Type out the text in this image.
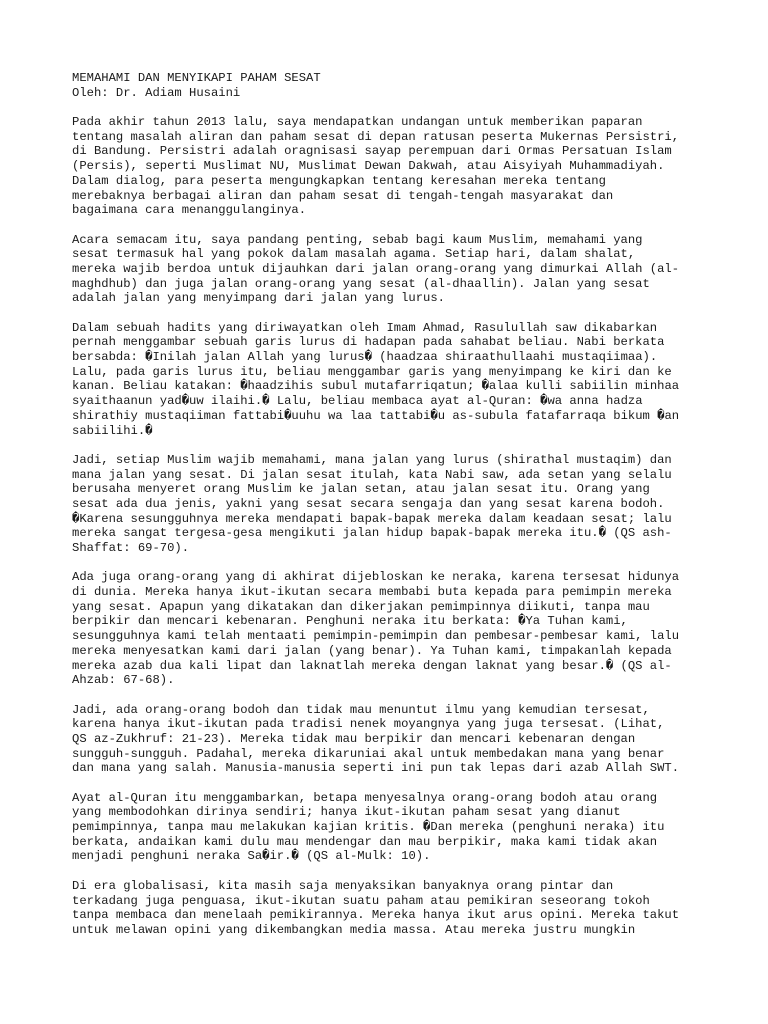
MEMAHAMI DAN MENYIKAPI PAHAM SESAT
Oleh: Dr. Adiam Husaini
Pada akhir tahun 2013 lalu, saya mendapatkan undangan untuk memberikan paparan
tentang masalah aliran dan paham sesat di depan ratusan peserta Mukernas Persistri,
di Bandung. Persistri adalah oragnisasi sayap perempuan dari Ormas Persatuan Islam
(Persis), seperti Muslimat NU, Muslimat Dewan Dakwah, atau Aisyiyah Muhammadiyah.
Dalam dialog, para peserta mengungkapkan tentang keresahan mereka tentang
merebaknya berbagai aliran dan paham sesat di tengah-tengah masyarakat dan
bagaimana cara menanggulanginya.
Acara semacam itu, saya pandang penting, sebab bagi kaum Muslim, memahami yang
sesat termasuk hal yang pokok dalam masalah agama. Setiap hari, dalam shalat,
mereka wajib berdoa untuk dijauhkan dari jalan orang-orang yang dimurkai Allah (al-
maghdhub) dan juga jalan orang-orang yang sesat (al-dhaallin). Jalan yang sesat
adalah jalan yang menyimpang dari jalan yang lurus.
Dalam sebuah hadits yang diriwayatkan oleh Imam Ahmad, Rasulullah saw dikabarkan
pernah menggambar sebuah garis lurus di hadapan pada sahabat beliau. Nabi berkata
bersabda: �Inilah jalan Allah yang lurus� (haadzaa shiraathullaahi mustaqiimaa).
Lalu, pada garis lurus itu, beliau menggambar garis yang menyimpang ke kiri dan ke
kanan. Beliau katakan: �haadzihis subul mutafarriqatun; �alaa kulli sabiilin minhaa
syaithaanun yad�uw ilaihi.� Lalu, beliau membaca ayat al-Quran: �wa anna hadza
shirathiy mustaqiiman fattabi�uuhu wa laa tattabi�u as-subula fatafarraqa bikum �an
sabiilihi.�
Jadi, setiap Muslim wajib memahami, mana jalan yang lurus (shirathal mustaqim) dan
mana jalan yang sesat. Di jalan sesat itulah, kata Nabi saw, ada setan yang selalu
berusaha menyeret orang Muslim ke jalan setan, atau jalan sesat itu. Orang yang
sesat ada dua jenis, yakni yang sesat secara sengaja dan yang sesat karena bodoh.
�Karena sesungguhnya mereka mendapati bapak-bapak mereka dalam keadaan sesat; lalu
mereka sangat tergesa-gesa mengikuti jalan hidup bapak-bapak mereka itu.� (QS ash-
Shaffat: 69-70).
Ada juga orang-orang yang di akhirat dijebloskan ke neraka, karena tersesat hidunya
di dunia. Mereka hanya ikut-ikutan secara membabi buta kepada para pemimpin mereka
yang sesat. Apapun yang dikatakan dan dikerjakan pemimpinnya diikuti, tanpa mau
berpikir dan mencari kebenaran. Penghuni neraka itu berkata: �Ya Tuhan kami,
sesungguhnya kami telah mentaati pemimpin-pemimpin dan pembesar-pembesar kami, lalu
mereka menyesatkan kami dari jalan (yang benar). Ya Tuhan kami, timpakanlah kepada
mereka azab dua kali lipat dan laknatlah mereka dengan laknat yang besar.� (QS al-
Ahzab: 67-68).
Jadi, ada orang-orang bodoh dan tidak mau menuntut ilmu yang kemudian tersesat,
karena hanya ikut-ikutan pada tradisi nenek moyangnya yang juga tersesat. (Lihat,
QS az-Zukhruf: 21-23). Mereka tidak mau berpikir dan mencari kebenaran dengan
sungguh-sungguh. Padahal, mereka dikaruniai akal untuk membedakan mana yang benar
dan mana yang salah. Manusia-manusia seperti ini pun tak lepas dari azab Allah SWT.
Ayat al-Quran itu menggambarkan, betapa menyesalnya orang-orang bodoh atau orang
yang membodohkan dirinya sendiri; hanya ikut-ikutan paham sesat yang dianut
pemimpinnya, tanpa mau melakukan kajian kritis. �Dan mereka (penghuni neraka) itu
berkata, andaikan kami dulu mau mendengar dan mau berpikir, maka kami tidak akan
menjadi penghuni neraka Sa�ir.� (QS al-Mulk: 10).
Di era globalisasi, kita masih saja menyaksikan banyaknya orang pintar dan
terkadang juga penguasa, ikut-ikutan suatu paham atau pemikiran seseorang tokoh
tanpa membaca dan menelaah pemikirannya. Mereka hanya ikut arus opini. Mereka takut
untuk melawan opini yang dikembangkan media massa. Atau mereka justru mungkin
